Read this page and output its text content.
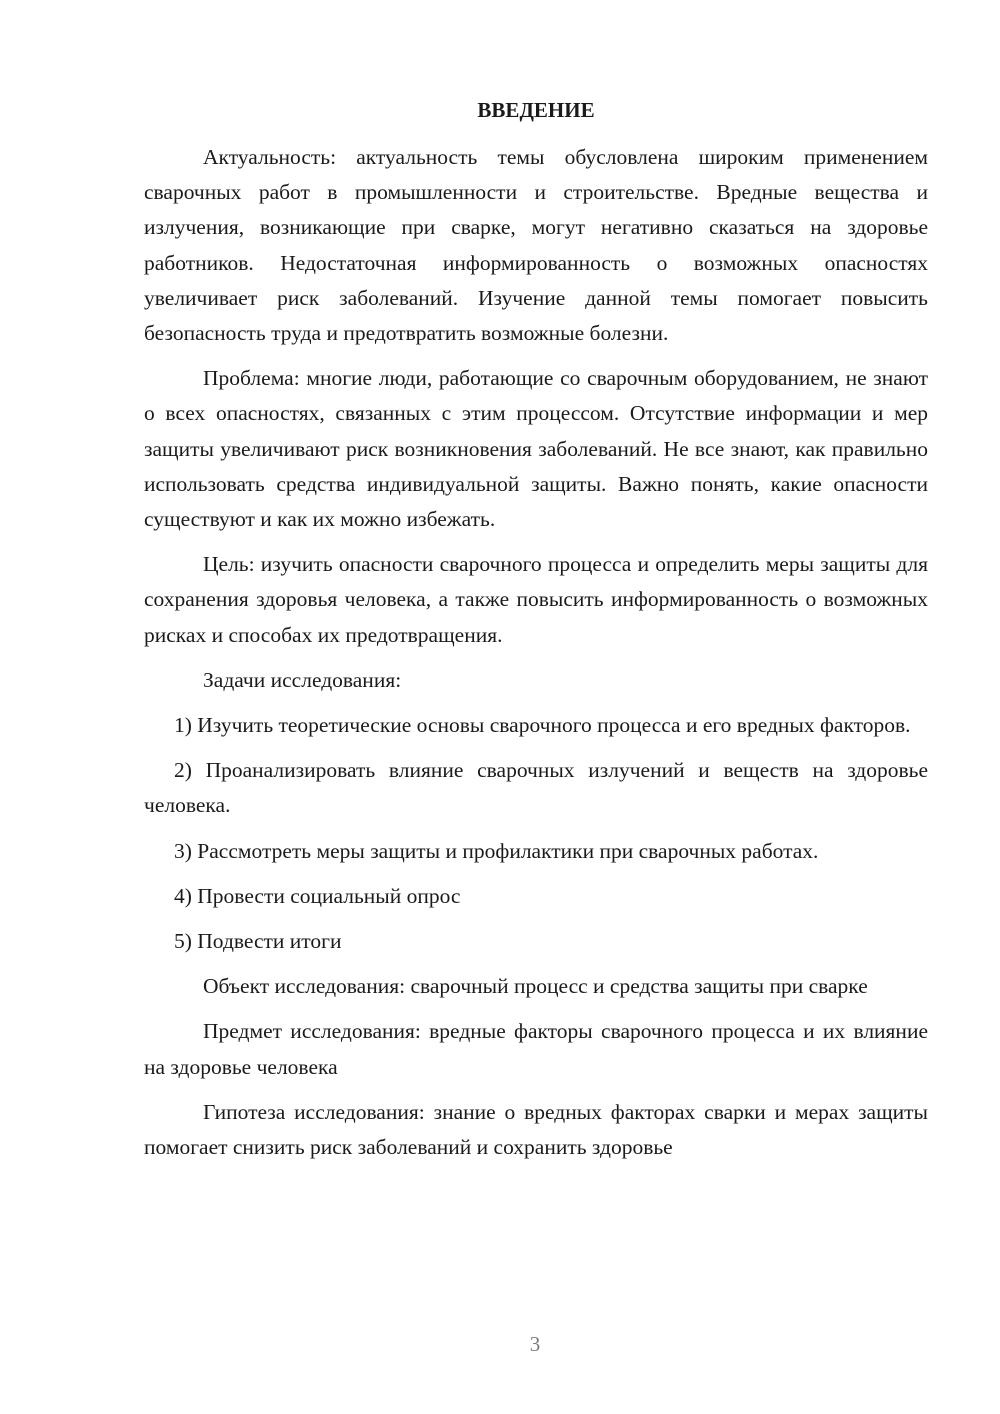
ВВЕДЕНИЕ

Актуальность: актуальность темы обусловлена широким применением сварочных работ в промышленности и строительстве. Вредные вещества и излучения, возникающие при сварке, могут негативно сказаться на здоровье работников. Недостаточная информированность о возможных опасностях увеличивает риск заболеваний. Изучение данной темы помогает повысить безопасность труда и предотвратить возможные болезни.

Проблема: многие люди, работающие со сварочным оборудованием, не знают о всех опасностях, связанных с этим процессом. Отсутствие информации и мер защиты увеличивают риск возникновения заболеваний. Не все знают, как правильно использовать средства индивидуальной защиты. Важно понять, какие опасности существуют и как их можно избежать.

Цель: изучить опасности сварочного процесса и определить меры защиты для сохранения здоровья человека, а также повысить информированность о возможных рисках и способах их предотвращения.

Задачи исследования:

1) Изучить теоретические основы сварочного процесса и его вредных факторов.

2) Проанализировать влияние сварочных излучений и веществ на здоровье человека.

3) Рассмотреть меры защиты и профилактики при сварочных работах.

4) Провести социальный опрос

5) Подвести итоги

Объект исследования: сварочный процесс и средства защиты при сварке

Предмет исследования: вредные факторы сварочного процесса и их влияние на здоровье человека

Гипотеза исследования: знание о вредных факторах сварки и мерах защиты помогает снизить риск заболеваний и сохранить здоровье

3
